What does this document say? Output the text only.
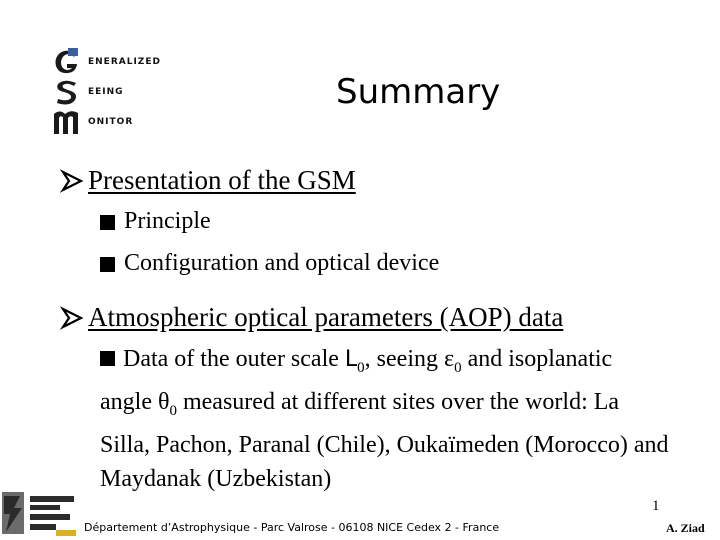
ENERALIZED
EEING
ONITOR
Summary
Presentation of the GSM
Principle
Configuration and optical device
Atmospheric optical parameters (AOP) data
Data of the outer scale $L_0$, seeing $\varepsilon_0$ and isoplanatic angle $\theta_0$ measured at different sites over the world: La Silla, Pachon, Paranal (Chile), Oukaïmeden (Morocco) and Maydanak (Uzbekistan)
1
Département d’Astrophysique - Parc Valrose - 06108 NICE Cedex 2 - France	A. Ziad
